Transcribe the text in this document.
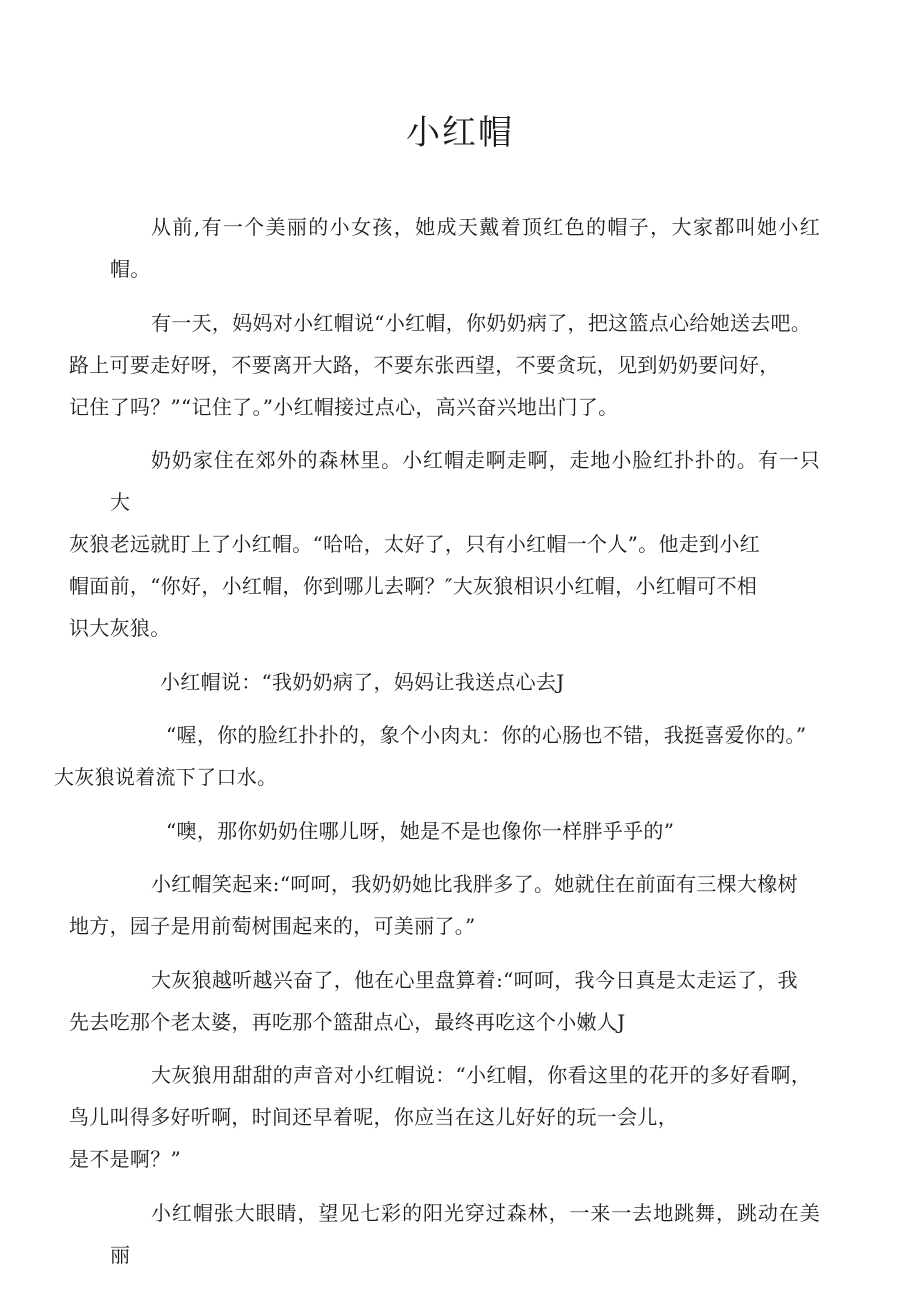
小红帽

从前,有一个美丽的小女孩，她成天戴着顶红色的帽子，大家都叫她小红帽。

有一天，妈妈对小红帽说“小红帽，你奶奶病了，把这篮点心给她送去吧。
路上可要走好呀，不要离开大路，不要东张西望，不要贪玩，见到奶奶要问好，
记住了吗？”“记住了。”小红帽接过点心，高兴奋兴地出门了。

奶奶家住在郊外的森林里。小红帽走啊走啊，走地小脸红扑扑的。有一只大
灰狼老远就盯上了小红帽。“哈哈，太好了，只有小红帽一个人”。他走到小红
帽面前，“你好，小红帽，你到哪儿去啊？″大灰狼相识小红帽，小红帽可不相
识大灰狼。

小红帽说：“我奶奶病了，妈妈让我送点心去J

“喔，你的脸红扑扑的，象个小肉丸：你的心肠也不错，我挺喜爱你的。”
大灰狼说着流下了口水。

“噢，那你奶奶住哪儿呀，她是不是也像你一样胖乎乎的”

小红帽笑起来:“呵呵，我奶奶她比我胖多了。她就住在前面有三棵大橡树
地方，园子是用前萄树围起来的，可美丽了。”

大灰狼越听越兴奋了，他在心里盘算着:“呵呵，我今日真是太走运了，我
先去吃那个老太婆，再吃那个篮甜点心，最终再吃这个小嫩人J

大灰狼用甜甜的声音对小红帽说：“小红帽，你看这里的花开的多好看啊，
鸟儿叫得多好听啊，时间还早着呢，你应当在这儿好好的玩一会儿，
是不是啊？”

小红帽张大眼睛，望见七彩的阳光穿过森林，一来一去地跳舞，跳动在美丽
